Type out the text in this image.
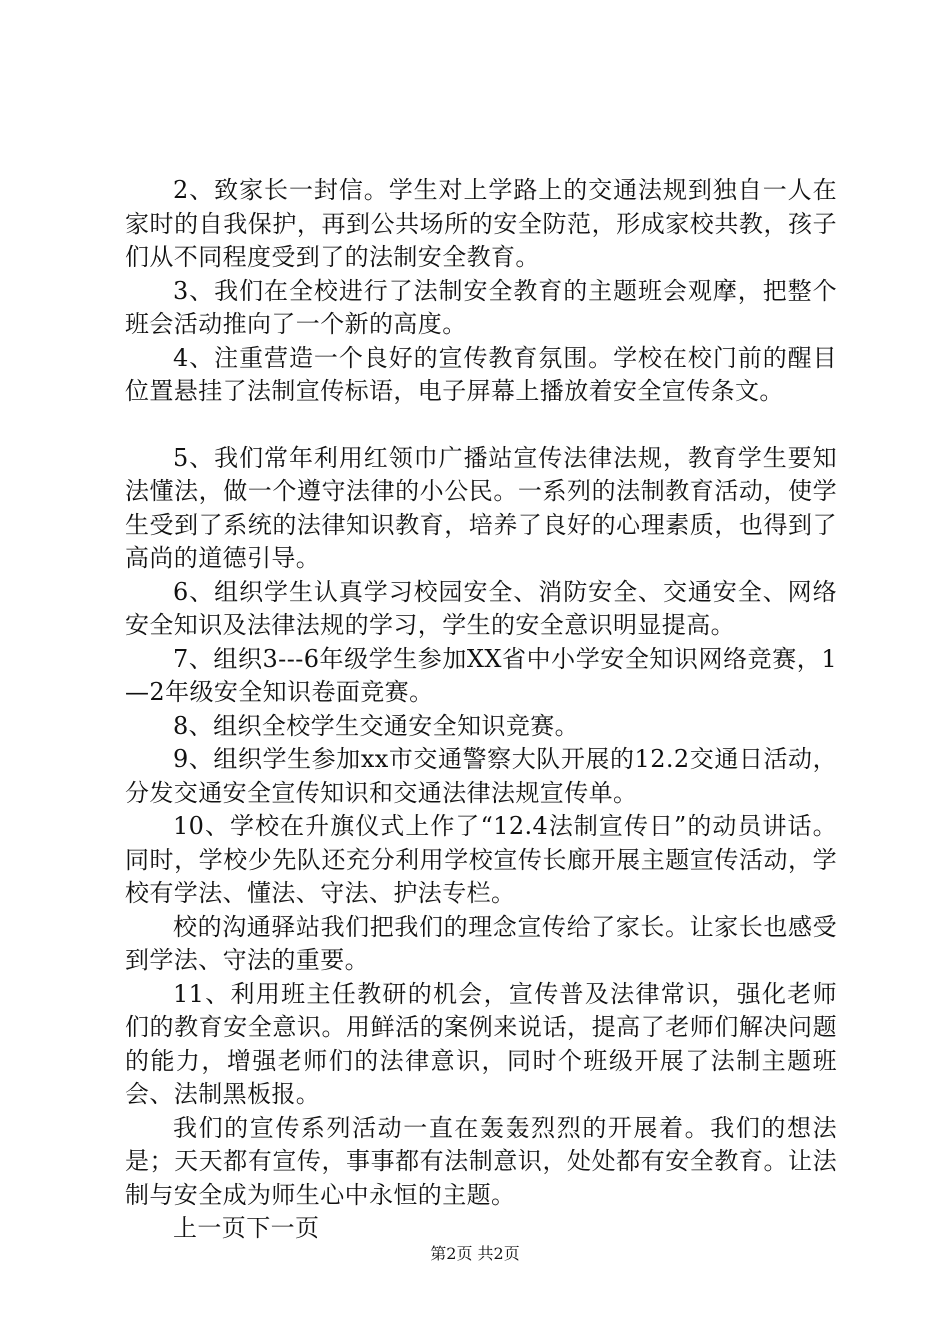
2、致家长一封信。学生对上学路上的交通法规到独自一人在家时的自我保护，再到公共场所的安全防范，形成家校共教，孩子们从不同程度受到了的法制安全教育。

3、我们在全校进行了法制安全教育的主题班会观摩，把整个班会活动推向了一个新的高度。

4、注重营造一个良好的宣传教育氛围。学校在校门前的醒目位置悬挂了法制宣传标语，电子屏幕上播放着安全宣传条文。

5、我们常年利用红领巾广播站宣传法律法规，教育学生要知法懂法，做一个遵守法律的小公民。一系列的法制教育活动，使学生受到了系统的法律知识教育，培养了良好的心理素质，也得到了高尚的道德引导。

6、组织学生认真学习校园安全、消防安全、交通安全、网络安全知识及法律法规的学习，学生的安全意识明显提高。

7、组织3---6年级学生参加XX省中小学安全知识网络竞赛，1—2年级安全知识卷面竞赛。

8、组织全校学生交通安全知识竞赛。

9、组织学生参加xx市交通警察大队开展的12.2交通日活动，分发交通安全宣传知识和交通法律法规宣传单。

10、学校在升旗仪式上作了“12.4法制宣传日”的动员讲话。同时，学校少先队还充分利用学校宣传长廊开展主题宣传活动，学校有学法、懂法、守法、护法专栏。

校的沟通驿站我们把我们的理念宣传给了家长。让家长也感受到学法、守法的重要。

11、利用班主任教研的机会，宣传普及法律常识，强化老师们的教育安全意识。用鲜活的案例来说话，提高了老师们解决问题的能力，增强老师们的法律意识，同时个班级开展了法制主题班会、法制黑板报。

我们的宣传系列活动一直在轰轰烈烈的开展着。我们的想法是；天天都有宣传，事事都有法制意识，处处都有安全教育。让法制与安全成为师生心中永恒的主题。

上一页下一页

第2页 共2页
